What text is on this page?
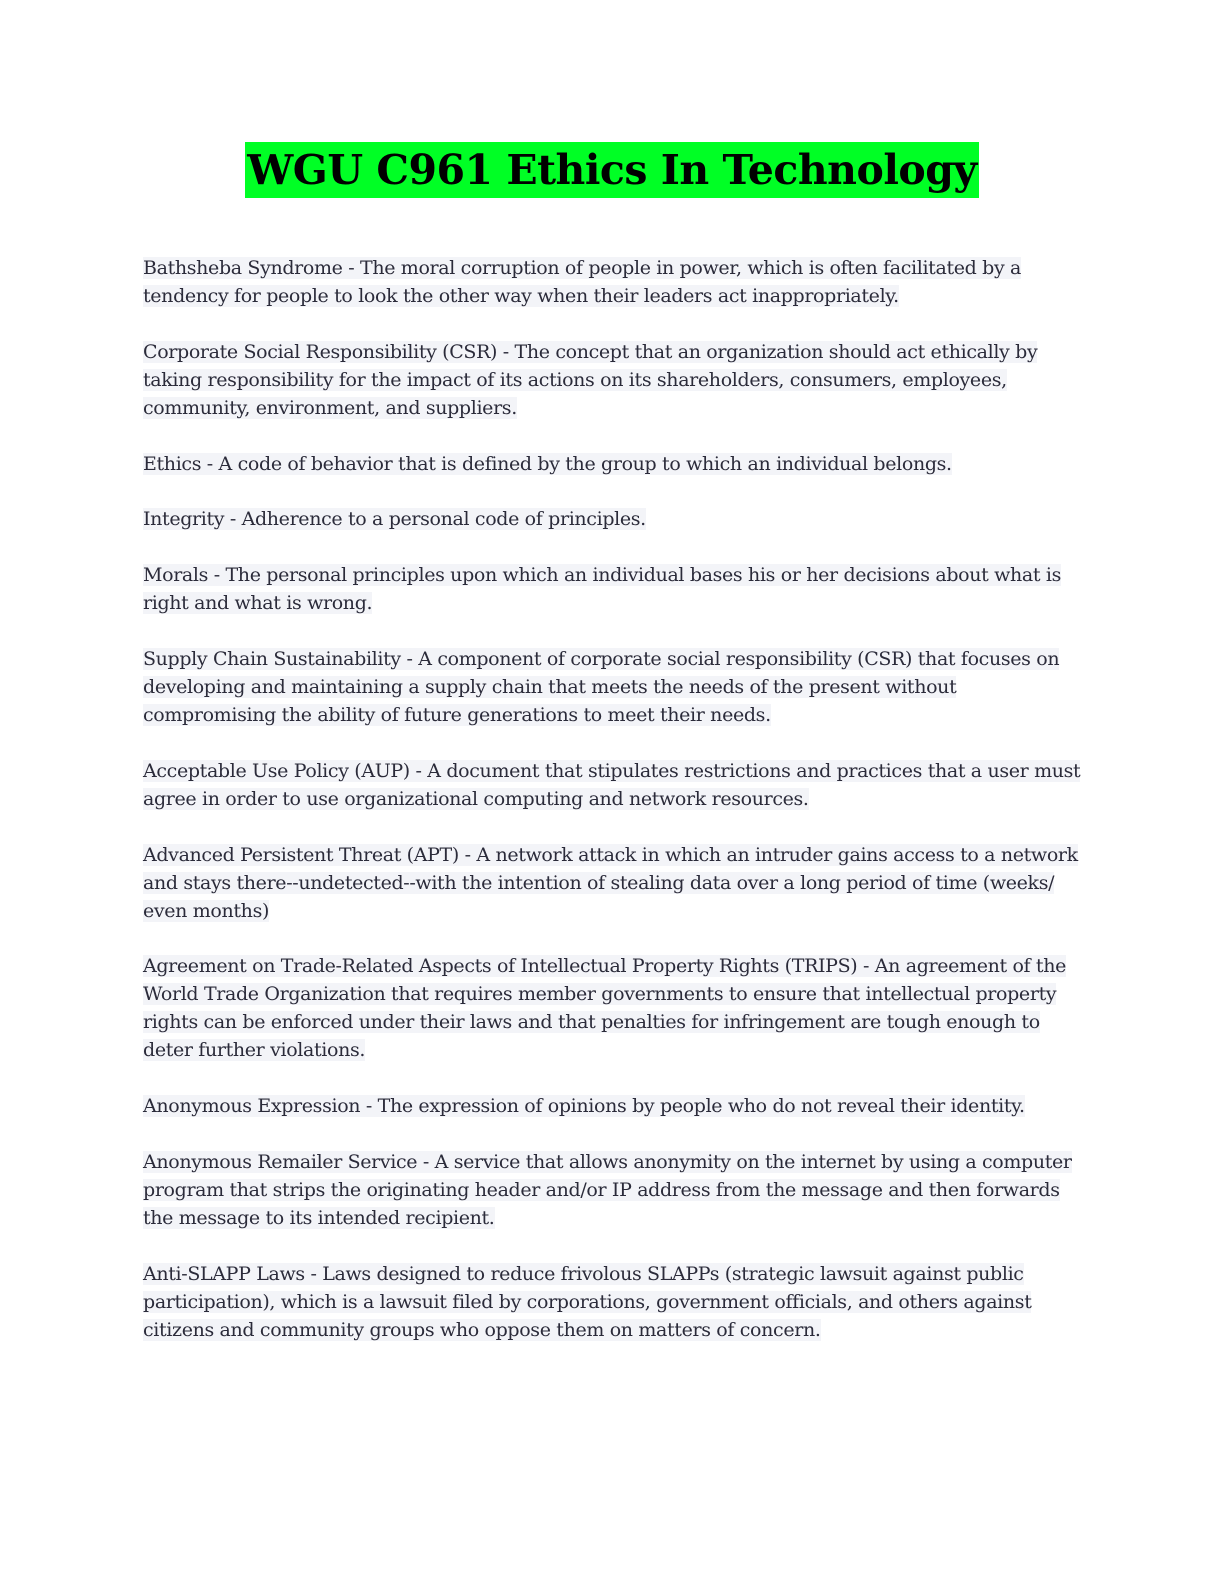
WGU C961 Ethics In Technology

Bathsheba Syndrome - The moral corruption of people in power, which is often facilitated by a tendency for people to look the other way when their leaders act inappropriately.

Corporate Social Responsibility (CSR) - The concept that an organization should act ethically by taking responsibility for the impact of its actions on its shareholders, consumers, employees, community, environment, and suppliers.

Ethics - A code of behavior that is defined by the group to which an individual belongs.

Integrity - Adherence to a personal code of principles.

Morals - The personal principles upon which an individual bases his or her decisions about what is right and what is wrong.

Supply Chain Sustainability - A component of corporate social responsibility (CSR) that focuses on developing and maintaining a supply chain that meets the needs of the present without compromising the ability of future generations to meet their needs.

Acceptable Use Policy (AUP) - A document that stipulates restrictions and practices that a user must agree in order to use organizational computing and network resources.

Advanced Persistent Threat (APT) - A network attack in which an intruder gains access to a network and stays there--undetected--with the intention of stealing data over a long period of time (weeks/ even months)

Agreement on Trade-Related Aspects of Intellectual Property Rights (TRIPS) - An agreement of the World Trade Organization that requires member governments to ensure that intellectual property rights can be enforced under their laws and that penalties for infringement are tough enough to deter further violations.

Anonymous Expression - The expression of opinions by people who do not reveal their identity.

Anonymous Remailer Service - A service that allows anonymity on the internet by using a computer program that strips the originating header and/or IP address from the message and then forwards the message to its intended recipient.

Anti-SLAPP Laws - Laws designed to reduce frivolous SLAPPs (strategic lawsuit against public participation), which is a lawsuit filed by corporations, government officials, and others against citizens and community groups who oppose them on matters of concern.
